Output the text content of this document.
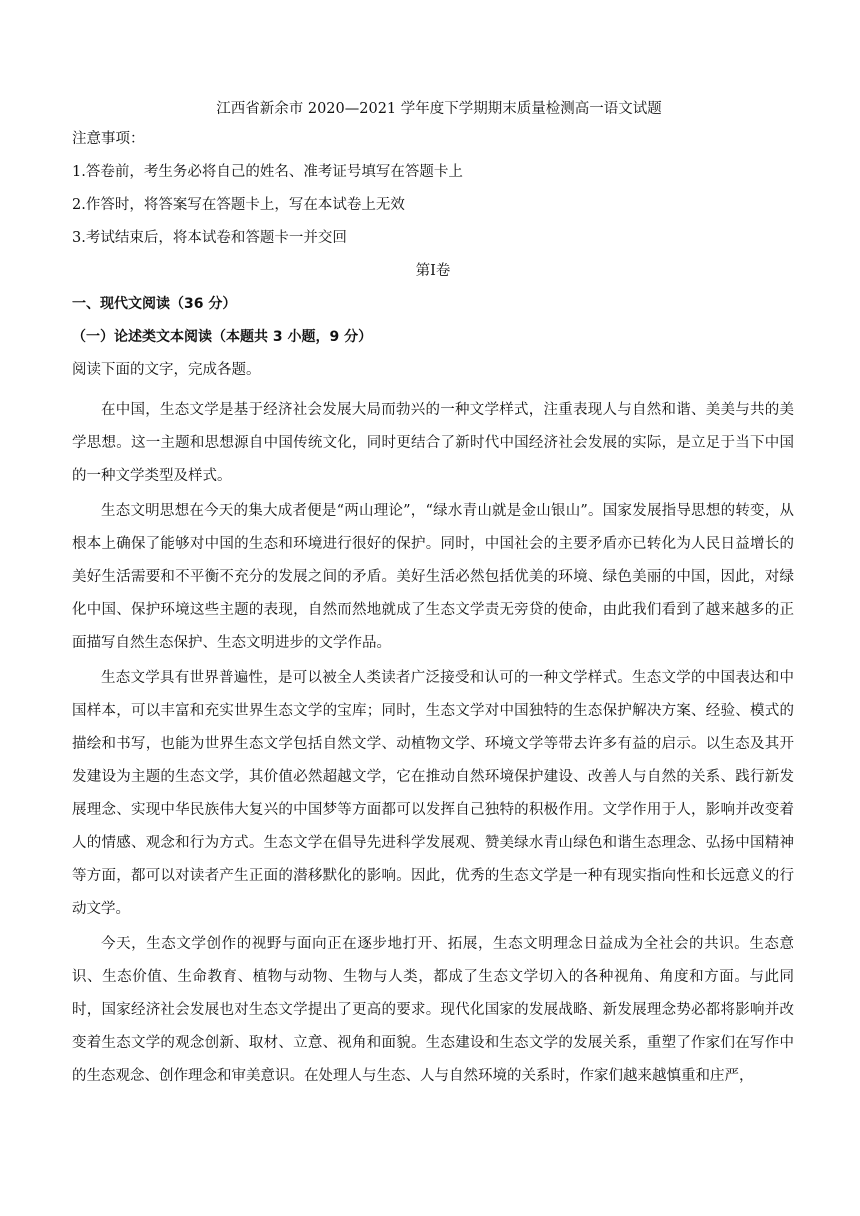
江西省新余市 2020—2021 学年度下学期期末质量检测高一语文试题
注意事项：
1.答卷前，考生务必将自己的姓名、准考证号填写在答题卡上
2.作答时，将答案写在答题卡上，写在本试卷上无效
3.考试结束后，将本试卷和答题卡一并交回
第Ⅰ卷
一、现代文阅读（36 分）
（一）论述类文本阅读（本题共 3 小题，9 分）
阅读下面的文字，完成各题。

在中国，生态文学是基于经济社会发展大局而勃兴的一种文学样式，注重表现人与自然和谐、美美与共的美学思想。这一主题和思想源自中国传统文化，同时更结合了新时代中国经济社会发展的实际，是立足于当下中国的一种文学类型及样式。

生态文明思想在今天的集大成者便是“两山理论”，“绿水青山就是金山银山”。国家发展指导思想的转变，从根本上确保了能够对中国的生态和环境进行很好的保护。同时，中国社会的主要矛盾亦已转化为人民日益增长的美好生活需要和不平衡不充分的发展之间的矛盾。美好生活必然包括优美的环境、绿色美丽的中国，因此，对绿化中国、保护环境这些主题的表现，自然而然地就成了生态文学责无旁贷的使命，由此我们看到了越来越多的正面描写自然生态保护、生态文明进步的文学作品。

生态文学具有世界普遍性，是可以被全人类读者广泛接受和认可的一种文学样式。生态文学的中国表达和中国样本，可以丰富和充实世界生态文学的宝库；同时，生态文学对中国独特的生态保护解决方案、经验、模式的描绘和书写，也能为世界生态文学包括自然文学、动植物文学、环境文学等带去许多有益的启示。以生态及其开发建设为主题的生态文学，其价值必然超越文学，它在推动自然环境保护建设、改善人与自然的关系、践行新发展理念、实现中华民族伟大复兴的中国梦等方面都可以发挥自己独特的积极作用。文学作用于人，影响并改变着人的情感、观念和行为方式。生态文学在倡导先进科学发展观、赞美绿水青山绿色和谐生态理念、弘扬中国精神等方面，都可以对读者产生正面的潜移默化的影响。因此，优秀的生态文学是一种有现实指向性和长远意义的行动文学。

今天，生态文学创作的视野与面向正在逐步地打开、拓展，生态文明理念日益成为全社会的共识。生态意识、生态价值、生命教育、植物与动物、生物与人类，都成了生态文学切入的各种视角、角度和方面。与此同时，国家经济社会发展也对生态文学提出了更高的要求。现代化国家的发展战略、新发展理念势必都将影响并改变着生态文学的观念创新、取材、立意、视角和面貌。生态建设和生态文学的发展关系，重塑了作家们在写作中的生态观念、创作理念和审美意识。在处理人与生态、人与自然环境的关系时，作家们越来越慎重和庄严，
